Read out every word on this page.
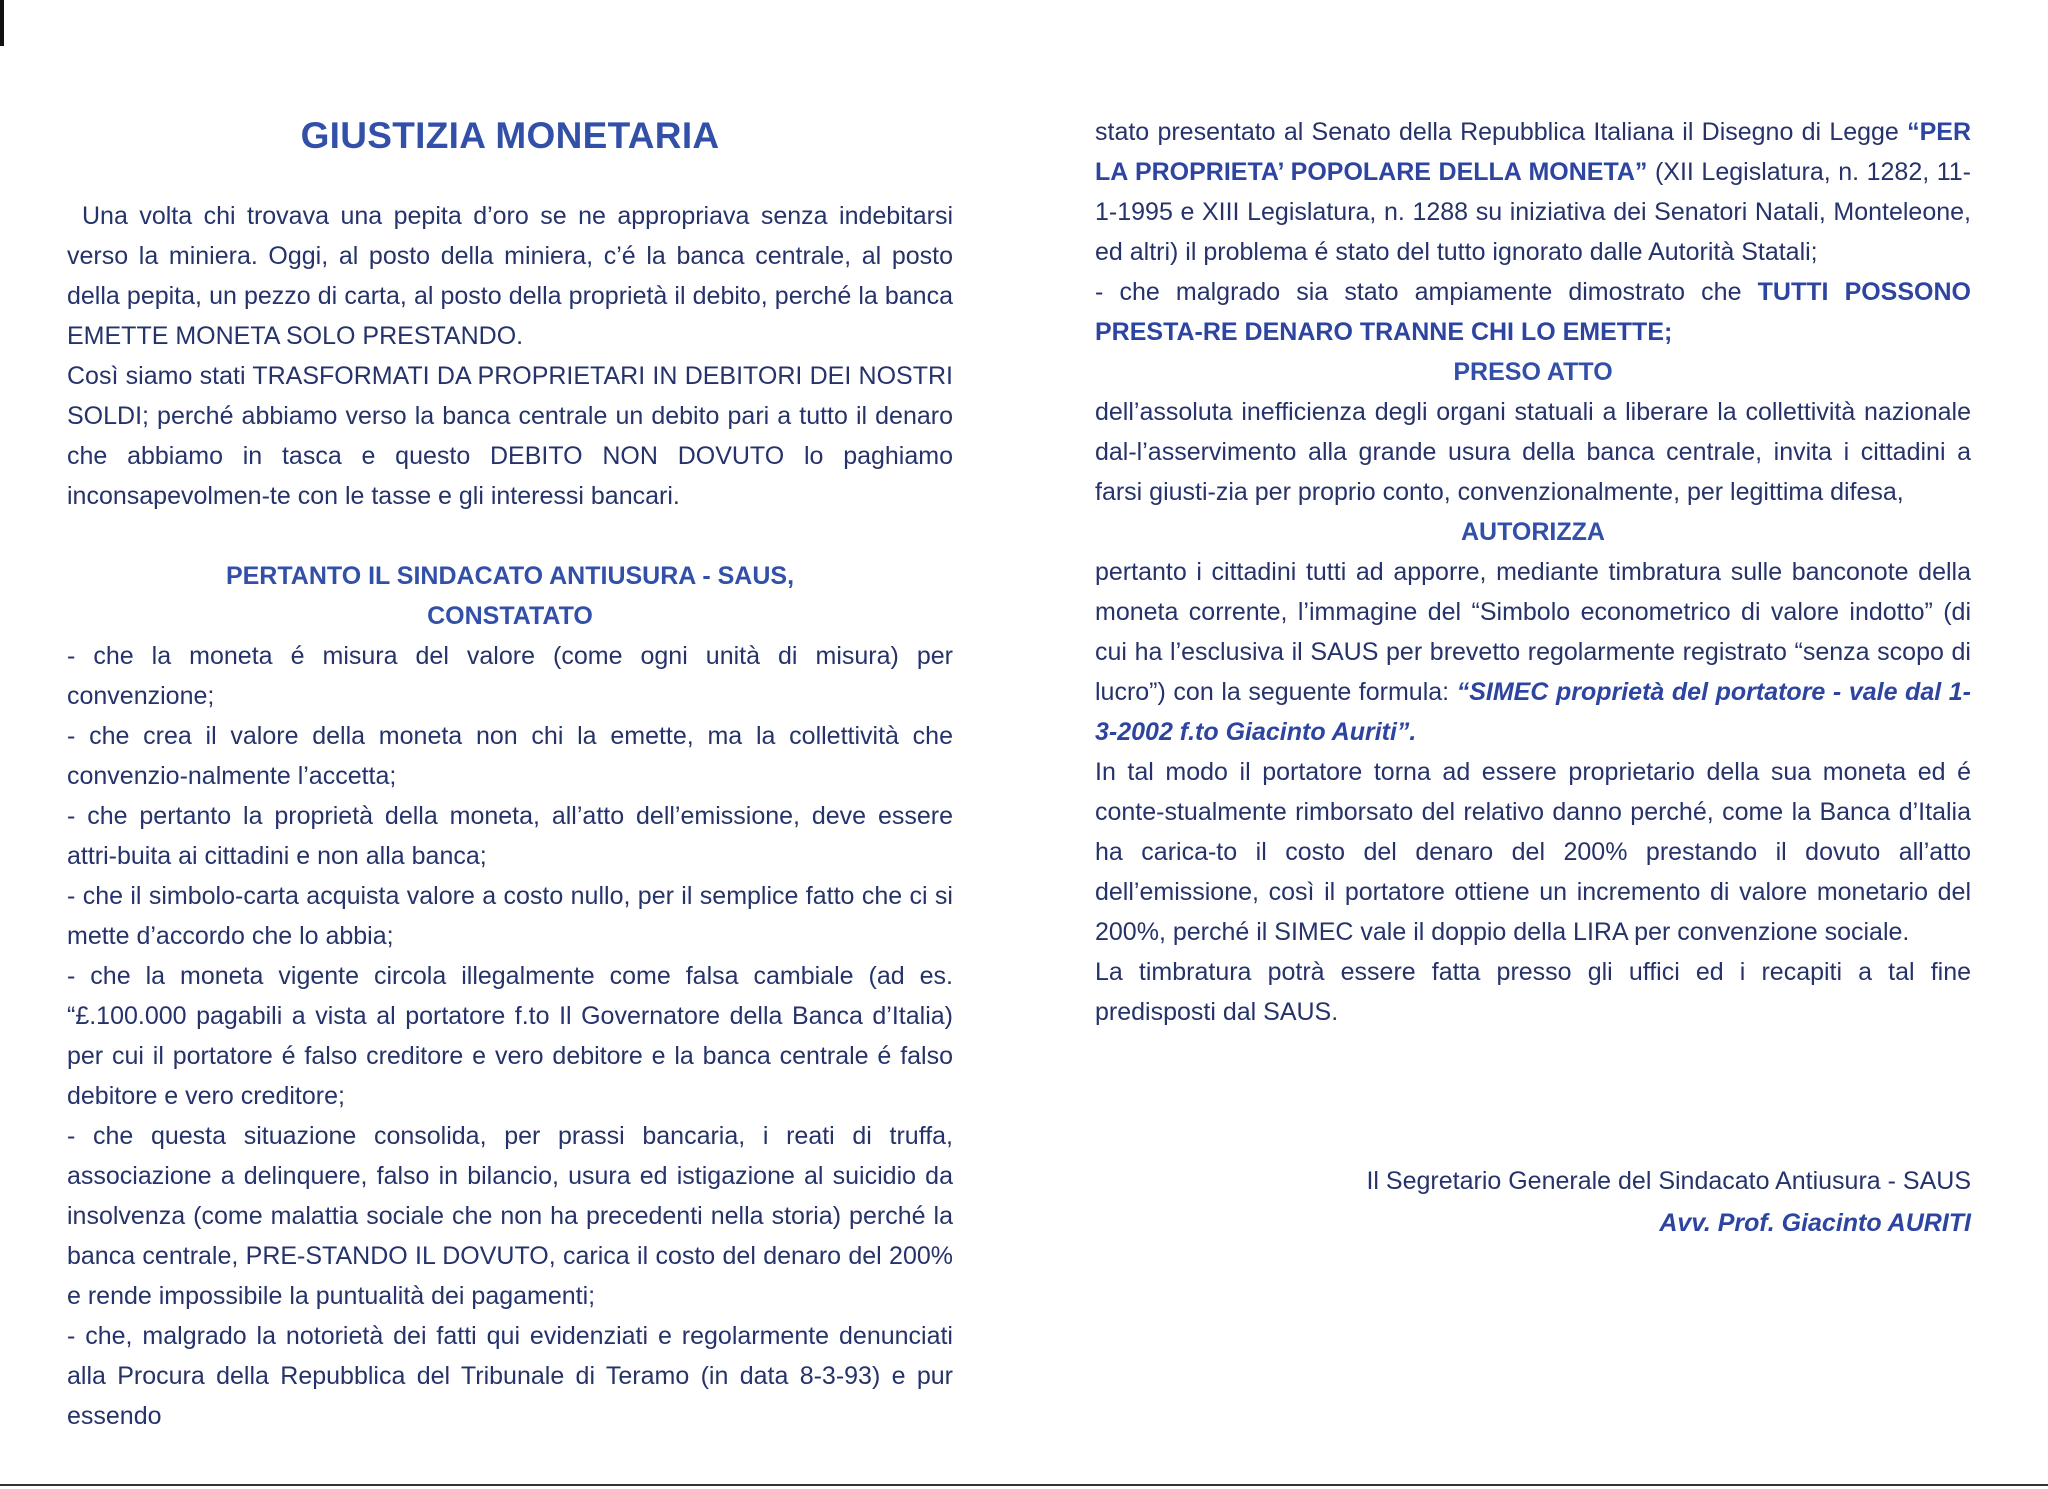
GIUSTIZIA MONETARIA

Una volta chi trovava una pepita d’oro se ne appropriava senza indebitarsi verso la miniera. Oggi, al posto della miniera, c’é la banca centrale, al posto della pepita, un pezzo di carta, al posto della proprietà il debito, perché la banca EMETTE MONETA SOLO PRESTANDO.

Così siamo stati TRASFORMATI DA PROPRIETARI IN DEBITORI DEI NOSTRI SOLDI; perché abbiamo verso la banca centrale un debito pari a tutto il denaro che abbiamo in tasca e questo DEBITO NON DOVUTO lo paghiamo inconsapevolmen-te con le tasse e gli interessi bancari.

PERTANTO IL SINDACATO ANTIUSURA - SAUS,
CONSTATATO

- che la moneta é misura del valore (come ogni unità di misura) per convenzione;

- che crea il valore della moneta non chi la emette, ma la collettività che convenzio-nalmente l’accetta;

- che pertanto la proprietà della moneta, all’atto dell’emissione, deve essere attri-buita ai cittadini e non alla banca;

- che il simbolo-carta acquista valore a costo nullo, per il semplice fatto che ci si mette d’accordo che lo abbia;

- che la moneta vigente circola illegalmente come falsa cambiale (ad es. “£.100.000 pagabili a vista al portatore f.to Il Governatore della Banca d’Italia) per cui il portatore é falso creditore e vero debitore e la banca centrale é falso debitore e vero creditore;

- che questa situazione consolida, per prassi bancaria, i reati di truffa, associazione a delinquere, falso in bilancio, usura ed istigazione al suicidio da insolvenza (come malattia sociale che non ha precedenti nella storia) perché la banca centrale, PRE-STANDO IL DOVUTO, carica il costo del denaro del 200% e rende impossibile la puntualità dei pagamenti;

- che, malgrado la notorietà dei fatti qui evidenziati e regolarmente denunciati alla Procura della Repubblica del Tribunale di Teramo (in data 8-3-93) e pur essendo

stato presentato al Senato della Repubblica Italiana il Disegno di Legge “PER LA PROPRIETA’ POPOLARE DELLA MONETA” (XII Legislatura, n. 1282, 11-1-1995 e XIII Legislatura, n. 1288 su iniziativa dei Senatori Natali, Monteleone, ed altri) il problema é stato del tutto ignorato dalle Autorità Statali;

- che malgrado sia stato ampiamente dimostrato che TUTTI POSSONO PRESTA-RE DENARO TRANNE CHI LO EMETTE;

PRESO ATTO

dell’assoluta inefficienza degli organi statuali a liberare la collettività nazionale dal-l’asservimento alla grande usura della banca centrale, invita i cittadini a farsi giusti-zia per proprio conto, convenzionalmente, per legittima difesa,

AUTORIZZA

pertanto i cittadini tutti ad apporre, mediante timbratura sulle banconote della moneta corrente, l’immagine del “Simbolo econometrico di valore indotto” (di cui ha l’esclusiva il SAUS per brevetto regolarmente registrato “senza scopo di lucro”) con la seguente formula: “SIMEC proprietà del portatore - vale dal 1-3-2002 f.to Giacinto Auriti”.

In tal modo il portatore torna ad essere proprietario della sua moneta ed é conte-stualmente rimborsato del relativo danno perché, come la Banca d’Italia ha carica-to il costo del denaro del 200% prestando il dovuto all’atto dell’emissione, così il portatore ottiene un incremento di valore monetario del 200%, perché il SIMEC vale il doppio della LIRA per convenzione sociale.

La timbratura potrà essere fatta presso gli uffici ed i recapiti a tal fine predisposti dal SAUS.

Il Segretario Generale del Sindacato Antiusura - SAUS
Avv. Prof. Giacinto AURITI
